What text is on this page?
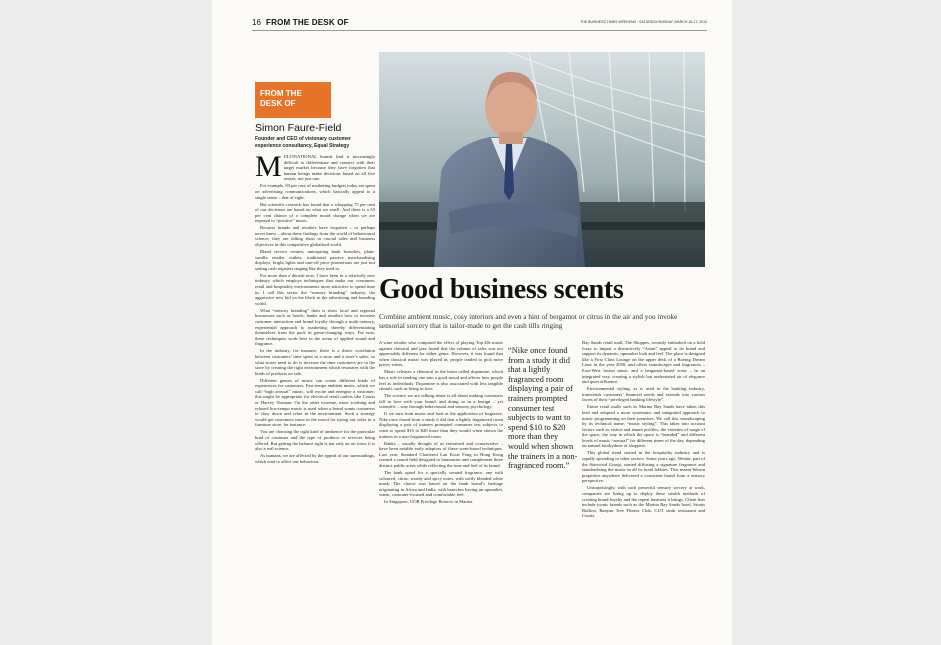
16 FROM THE DESK OF	THE BUSINESS TIMES WEEKEND · SATURDAY/SUNDAY, MARCH 16-17, 2013
FROM THE
DESK OF
Simon Faure-Field
Founder and CEO of visionary customer experience consultancy, Equal Strategy
Good business scents
Combine ambient music, cosy interiors and even a hint of bergamot or citrus in the air and you invoke sensorial sorcery that is tailor-made to get the cash tills ringing

MULTINATIONAL brands find it increasingly difficult to differentiate and connect with their target market because they have forgotten that human beings make decisions based on all five senses, not just one.

For example, 83 per cent of marketing budgets today are spent on advertising communications, which basically appeal to a single sense – that of sight.

But scientific research has found that a whopping 75 per cent of our decisions are based on what we smell. And there is a 65 per cent chance of a complete mood change when we are exposed to “positive” music.

Because brands and retailers have forgotten – or perhaps never knew – about these findings from the world of behavioural science, they are falling short in crucial sales and business objectives in this competitive globalised world.

Bland service centres, uninspiring bank branches, plain-vanilla retailer outlets, traditional passive merchandising displays, bright lights and one-off price promotions are just not setting cash registers ringing like they used to.

For more than a decade now, I have been in a relatively new industry which employs techniques that make our consumer, retail and hospitality environments more attractive to spend time in. I call this sector the “sensory branding” industry, the aggressive new kid on the block in the advertising and branding world.

What “sensory branding” does is show local and regional businesses such as hotels, banks and retailers how to increase customer interaction and brand loyalty through a multi-sensory, experiential approach to marketing, thereby differentiating themselves from the pack in game-changing ways. For now, these techniques work best in the arena of applied sound and fragrance.

In the industry, for instance, there is a direct correlation between customers’ time spent in a store and a store’s sales, so what stores need to do is increase the time customers are in the store by creating the right environment which resonates with the kinds of products on sale.

Different genres of music can create different kinds of experiences for customers. Fast-tempo ambient music, which we call “high arousal” music, will excite and energise a customer; this might be appropriate for electrical retail outlets like Courts or Harvey Norman. On the other extreme, more soothing and relaxed low-tempo music is used when a brand wants customers to slow down and relax in the environment. Such a strategy would get customers more in the mood for trying out sofas in a furniture store, for instance.

You are choosing the right kind of ambience for the particular kind of customer and the type of products or services being offered. But getting the balance right is not only an art form, it is also a real science.

As humans, we are affected by the appeal of our surroundings, which tend to affect our behaviour.

A wine retailer who compared the effect of playing Top 40s music against classical and jazz found that the volume of sales was not appreciably different for either genre. However, it was found that when classical music was played in, people tended to pick more pricey wines.

Music releases a chemical in the brain called dopamine, which has a role in sending one into a good mood and affects how people feel as individuals. Dopamine is also associated with less tangible stimuli, such as being in love.

The science we are talking about is all about making customers fall in love with your brand, and doing so in a benign – yet scientific – way through behavioural and sensory psychology.

If we turn from music and look at the application of fragrance, Nike once found from a study it did that a lightly fragranced room displaying a pair of trainers prompted consumer test subjects to want to spend $10 to $20 more than they would when shown the trainers in a non-fragranced room.

Banks – usually thought of as restrained and conservative – have been notable early adoptors of these scent-based techniques. Last year, Standard Chartered Lan Kwai Fong in Hong Kong created a sound field designed to harmonise and complement three distinct public areas while reflecting the tone and feel of its brand.

The bank opted for a specially created fragrance, one with coloured, citrus, woody and spicy notes, with softly blended white musk. The choice was based on the bank brand’s heritage originating in Africa and India, with branches having an upmarket, warm, customer-focused and comfortable feel.

In Singapore, UOB Privilege Reserve in Marina

“Nike once found from a study it did that a lightly fragranced room displaying a pair of trainers prompted consumer test subjects to want to spend $10 to $20 more than they would when shown the trainers in a non-fragranced room.”

Bay Sands retail mall, The Shoppes, recently embarked on a bold foray to impart a distinctively “Asian” appeal to its brand and support its dynamic, upmarket look and feel. The place is designed like a First Class Lounge on the upper deck of a Boeing Dream Liner in the year 2050, and offers soundscapes and fragrances – East-West fusion music and a bergamot-based scent – in an integrated way, creating a stylish but understated air of elegance and quiet affluence.

Environmental styling, as is used in the banking industry, transcends customers’ financial needs and extends into various facets of their “privileged banking lifestyle”.

Entire retail malls such as Marina Bay Sands have taken this lead and adopted a more systematic and integrated approach to music programming on their premises. We call this soundscaping by its technical name, “music styling”. This takes into account factors such as visitor and tenant profiles, the varieties of usage of the space, the way in which the space is “branded” and different levels of music “arousal” for different times of the day, depending on natural biorhythms of shoppers.

This global trend started in the hospitality industry and is rapidly spreading to other sectors. Some years ago, Westin, part of the Starwood Group, started diffusing a signature fragrance and standardising the music in all its hotel lobbies. This meant Westin properties anywhere delivered a consistent brand from a sensory perspective.

Unsurprisingly, with such powerful sensory sorcery at work, companies are lining up to deploy these stealth methods of creating brand loyalty and the repeat business it brings. Client lists include iconic brands such as the Marina Bay Sands hotel, Straits Bullion, Banyan Tree Fitness Club, CUT steak restaurant and Courts.
